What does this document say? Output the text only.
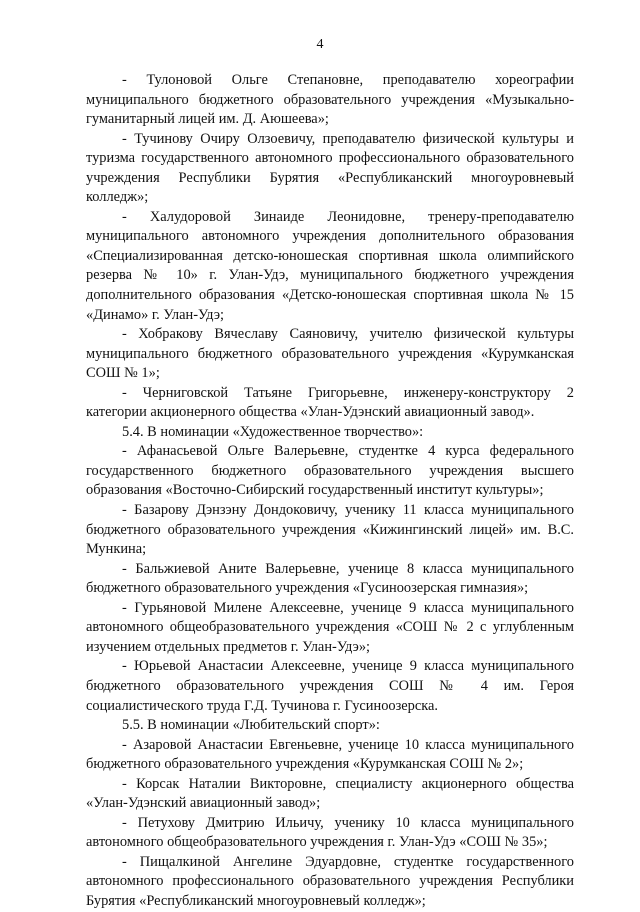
4

- Тулоновой Ольге Степановне, преподавателю хореографии муниципального бюджетного образовательного учреждения «Музыкально-гуманитарный лицей им. Д. Аюшеева»;

- Тучинову Очиру Олзоевичу, преподавателю физической культуры и туризма государственного автономного профессионального образовательного учреждения Республики Бурятия «Республиканский многоуровневый колледж»;

- Халудоровой Зинаиде Леонидовне, тренеру-преподавателю муниципального автономного учреждения дополнительного образования «Специализированная детско-юношеская спортивная школа олимпийского резерва № 10» г. Улан-Удэ, муниципального бюджетного учреждения дополнительного образования «Детско-юношеская спортивная школа № 15 «Динамо» г. Улан-Удэ;

- Хобракову Вячеславу Саяновичу, учителю физической культуры муниципального бюджетного образовательного учреждения «Курумканская СОШ № 1»;

- Черниговской Татьяне Григорьевне, инженеру-конструктору 2 категории акционерного общества «Улан-Удэнский авиационный завод».

5.4. В номинации «Художественное творчество»:

- Афанасьевой Ольге Валерьевне, студентке 4 курса федерального государственного бюджетного образовательного учреждения высшего образования «Восточно-Сибирский государственный институт культуры»;

- Базарову Дэнзэну Дондоковичу, ученику 11 класса муниципального бюджетного образовательного учреждения «Кижингинский лицей» им. В.С. Мункина;

- Бальжиевой Аните Валерьевне, ученице 8 класса муниципального бюджетного образовательного учреждения «Гусиноозерская гимназия»;

- Гурьяновой Милене Алексеевне, ученице 9 класса муниципального автономного общеобразовательного учреждения «СОШ № 2 с углубленным изучением отдельных предметов г. Улан-Удэ»;

- Юрьевой Анастасии Алексеевне, ученице 9 класса муниципального бюджетного образовательного учреждения СОШ № 4 им. Героя социалистического труда Г.Д. Тучинова г. Гусиноозерска.

5.5. В номинации «Любительский спорт»:

- Азаровой Анастасии Евгеньевне, ученице 10 класса муниципального бюджетного образовательного учреждения «Курумканская СОШ № 2»;

- Корсак Наталии Викторовне, специалисту акционерного общества «Улан-Удэнский авиационный завод»;

- Петухову Дмитрию Ильичу, ученику 10 класса муниципального автономного общеобразовательного учреждения г. Улан-Удэ «СОШ № 35»;

- Пищалкиной Ангелине Эдуардовне, студентке государственного автономного профессионального образовательного учреждения Республики Бурятия «Республиканский многоуровневый колледж»;
